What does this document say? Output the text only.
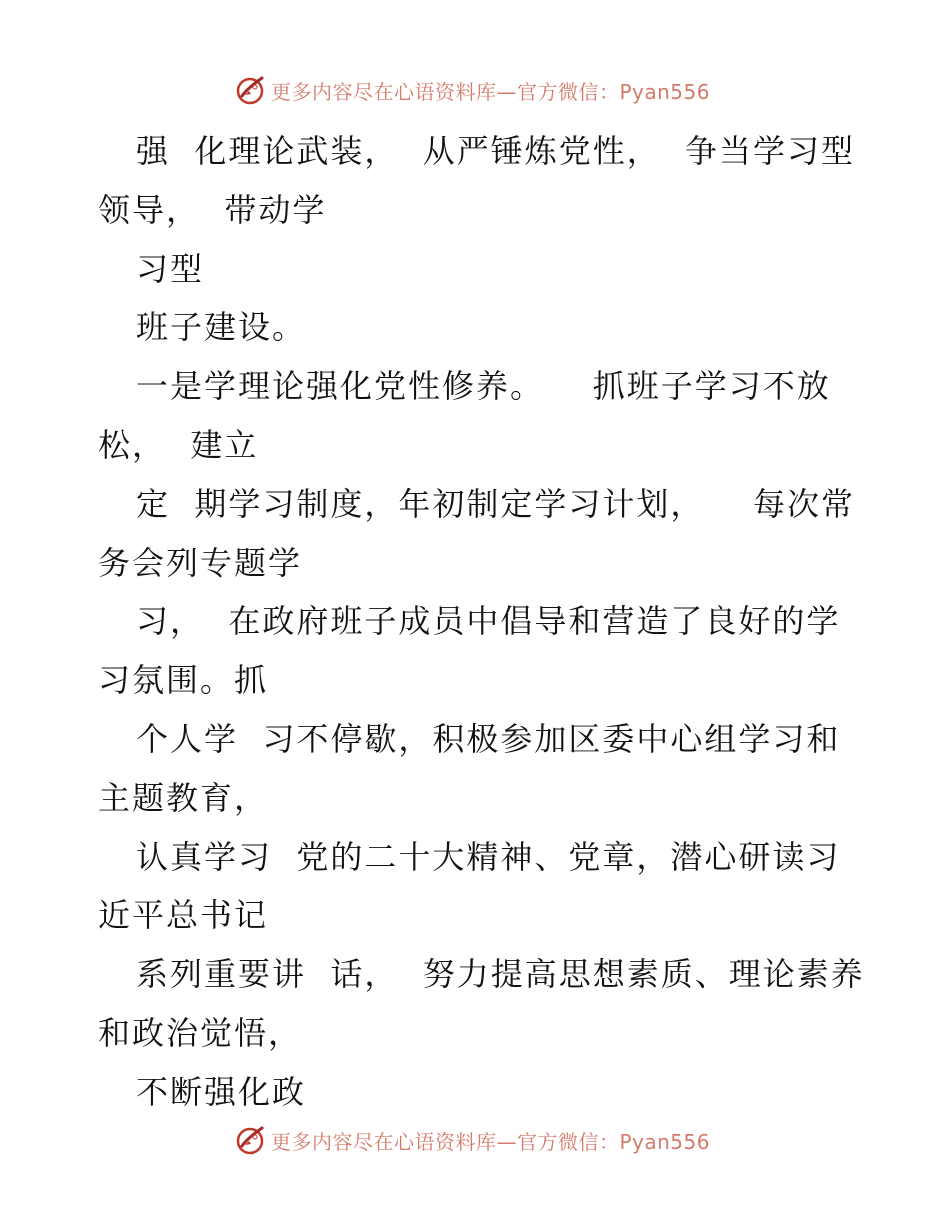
更多内容尽在心语资料库—官方微信：Pyan556
强  化理论武装，  从严锤炼党性，  争当学习型
领导，  带动学
习型
班子建设。
一是学理论强化党性修养。    抓班子学习不放
松，  建立
定  期学习制度，年初制定学习计划，    每次常
务会列专题学
习，  在政府班子成员中倡导和营造了良好的学
习氛围。抓
个人学  习不停歇，积极参加区委中心组学习和
主题教育，
认真学习  党的二十大精神、党章，潜心研读习
近平总书记
系列重要讲  话，  努力提高思想素质、理论素养
和政治觉悟，
不断强化政
更多内容尽在心语资料库—官方微信：Pyan556
